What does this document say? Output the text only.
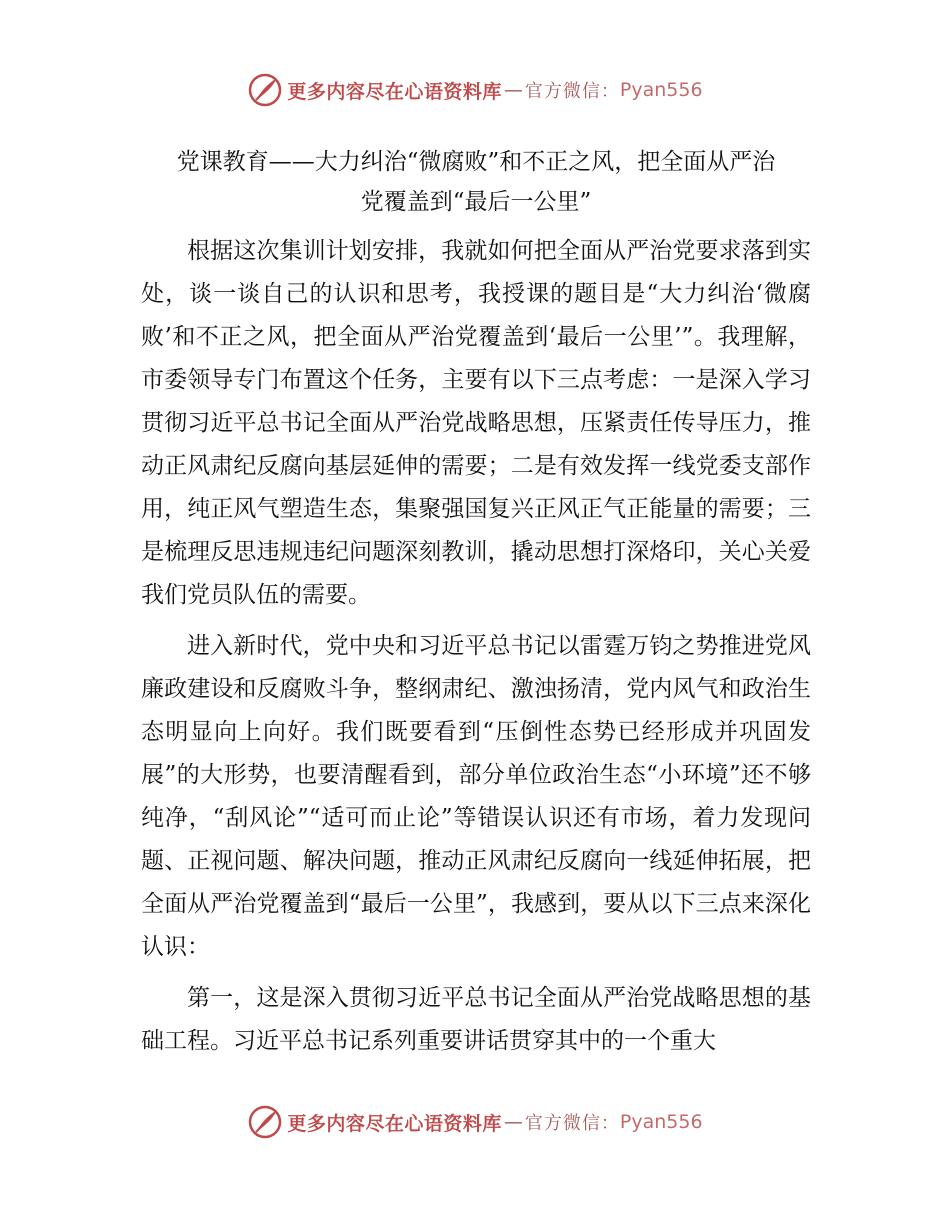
更多内容尽在心语资料库 — 官方微信： Pyan556
党课教育——大力纠治“微腐败”和不正之风，把全面从严治
党覆盖到“最后一公里”

根据这次集训计划安排，我就如何把全面从严治党要求落到实处，谈一谈自己的认识和思考，我授课的题目是“大力纠治‘微腐败’和不正之风，把全面从严治党覆盖到‘最后一公里’”。我理解，市委领导专门布置这个任务，主要有以下三点考虑：一是深入学习贯彻习近平总书记全面从严治党战略思想，压紧责任传导压力，推动正风肃纪反腐向基层延伸的需要；二是有效发挥一线党委支部作用，纯正风气塑造生态，集聚强国复兴正风正气正能量的需要；三是梳理反思违规违纪问题深刻教训，撬动思想打深烙印，关心关爱我们党员队伍的需要。

进入新时代，党中央和习近平总书记以雷霆万钧之势推进党风廉政建设和反腐败斗争，整纲肃纪、激浊扬清，党内风气和政治生态明显向上向好。我们既要看到“压倒性态势已经形成并巩固发展”的大形势，也要清醒看到，部分单位政治生态“小环境”还不够纯净，“刮风论”“适可而止论”等错误认识还有市场，着力发现问题、正视问题、解决问题，推动正风肃纪反腐向一线延伸拓展，把全面从严治党覆盖到“最后一公里”，我感到，要从以下三点来深化认识：

第一，这是深入贯彻习近平总书记全面从严治党战略思想的基础工程。习近平总书记系列重要讲话贯穿其中的一个重大

更多内容尽在心语资料库 — 官方微信： Pyan556
